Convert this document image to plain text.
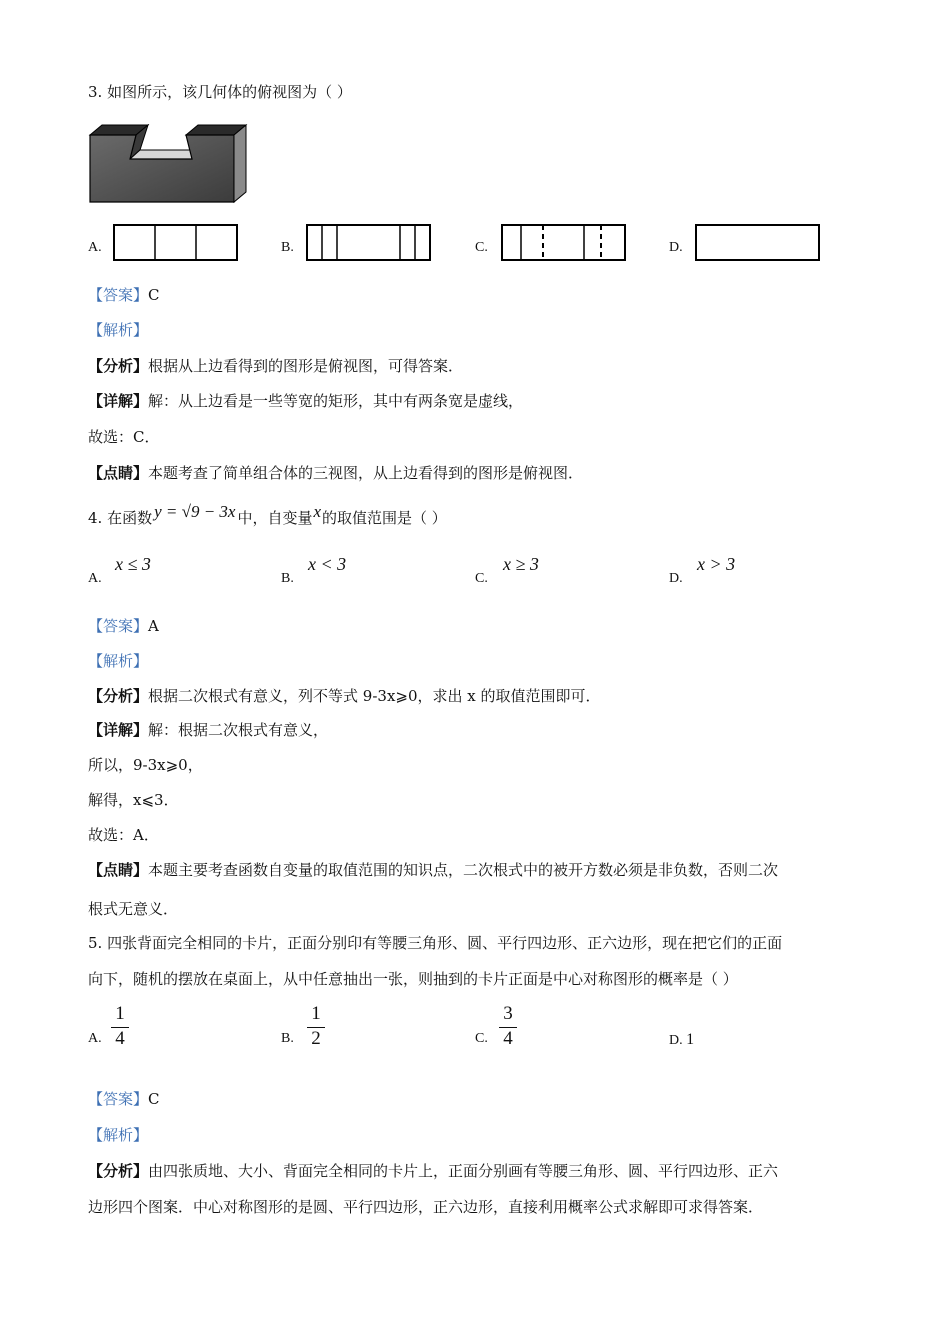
3. 如图所示，该几何体的俯视图为（ ）
A.	B.	C.	D.
【答案】C
【解析】
【分析】根据从上边看得到的图形是俯视图，可得答案．
【详解】解：从上边看是一些等宽的矩形，其中有两条宽是虚线，
故选：C．
【点睛】本题考查了简单组合体的三视图，从上边看得到的图形是俯视图．
4. 在函数 y = √9 − 3x 中，自变量x的取值范围是（ ）
A.
x ≤ 3
B.
x < 3
C.
x ≥ 3
D.
x > 3
【答案】A
【解析】
【分析】根据二次根式有意义，列不等式 9-3x⩾0，求出 x 的取值范围即可．
【详解】解：根据二次根式有意义，
所以，9-3x⩾0，
解得，x⩽3．
故选：A．
【点睛】本题主要考查函数自变量的取值范围的知识点，二次根式中的被开方数必须是非负数，否则二次
根式无意义．
5. 四张背面完全相同的卡片，正面分别印有等腰三角形、圆、平行四边形、正六边形，现在把它们的正面
向下，随机的摆放在桌面上，从中任意抽出一张，则抽到的卡片正面是中心对称图形的概率是（ ）
A.
1
4	B.
1
2	C.
3
4	D. 1
【答案】C
【解析】
【分析】由四张质地、大小、背面完全相同的卡片上，正面分别画有等腰三角形、圆、平行四边形、正六
边形四个图案．中心对称图形的是圆、平行四边形，正六边形，直接利用概率公式求解即可求得答案．
